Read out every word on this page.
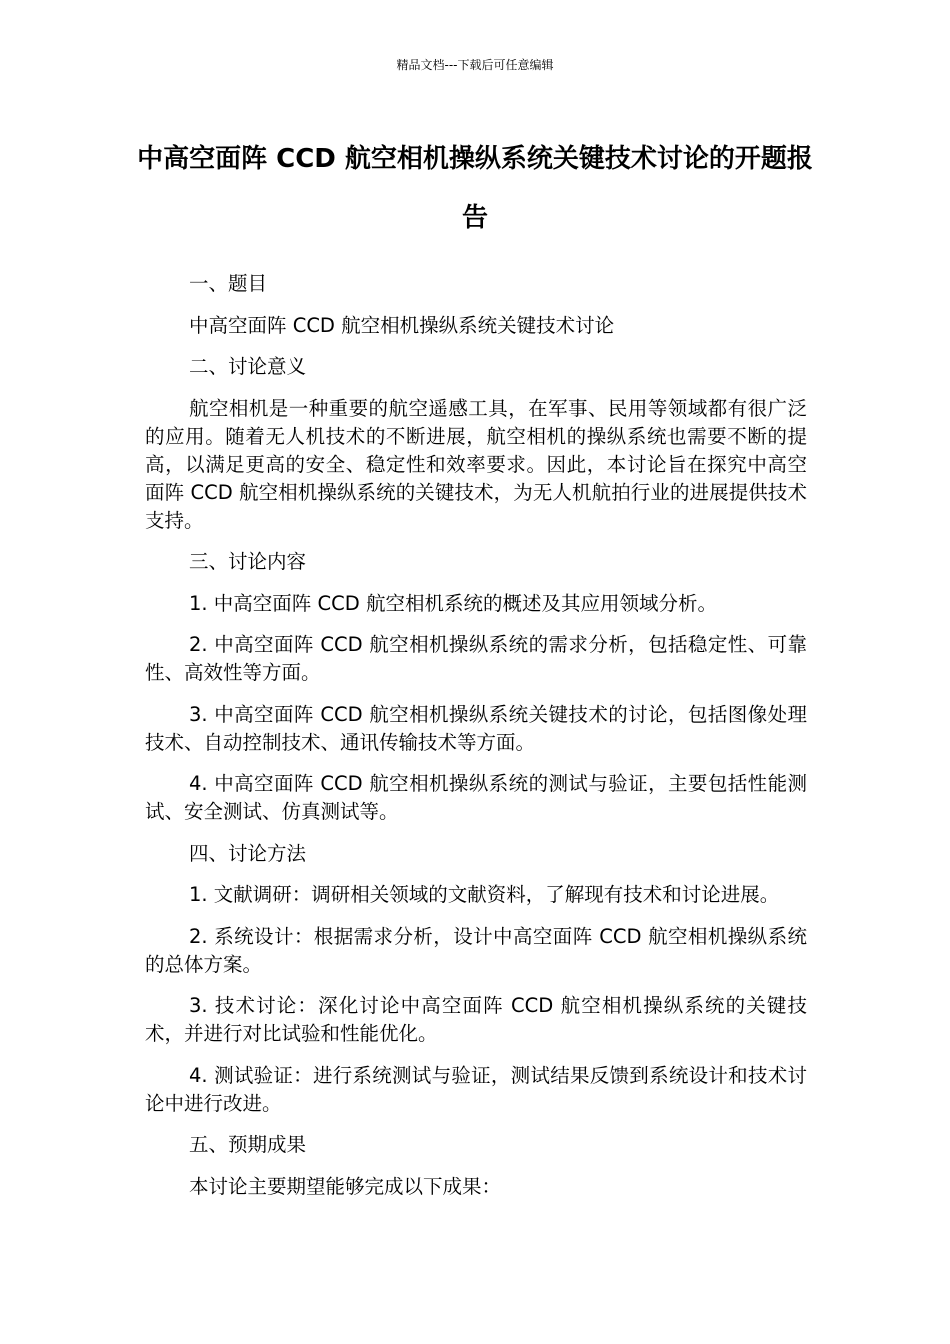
精品文档---下载后可任意编辑
中高空面阵 CCD 航空相机操纵系统关键技术讨论的开题报告

一、题目

中高空面阵 CCD 航空相机操纵系统关键技术讨论

二、讨论意义

航空相机是一种重要的航空遥感工具，在军事、民用等领域都有很广泛的应用。随着无人机技术的不断进展，航空相机的操纵系统也需要不断的提高，以满足更高的安全、稳定性和效率要求。因此，本讨论旨在探究中高空面阵 CCD 航空相机操纵系统的关键技术，为无人机航拍行业的进展提供技术支持。

三、讨论内容

1. 中高空面阵 CCD 航空相机系统的概述及其应用领域分析。

2. 中高空面阵 CCD 航空相机操纵系统的需求分析，包括稳定性、可靠性、高效性等方面。

3. 中高空面阵 CCD 航空相机操纵系统关键技术的讨论，包括图像处理技术、自动控制技术、通讯传输技术等方面。

4. 中高空面阵 CCD 航空相机操纵系统的测试与验证，主要包括性能测试、安全测试、仿真测试等。

四、讨论方法

1. 文献调研：调研相关领域的文献资料，了解现有技术和讨论进展。

2. 系统设计：根据需求分析，设计中高空面阵 CCD 航空相机操纵系统的总体方案。

3. 技术讨论：深化讨论中高空面阵 CCD 航空相机操纵系统的关键技术，并进行对比试验和性能优化。

4. 测试验证：进行系统测试与验证，测试结果反馈到系统设计和技术讨论中进行改进。

五、预期成果

本讨论主要期望能够完成以下成果：
